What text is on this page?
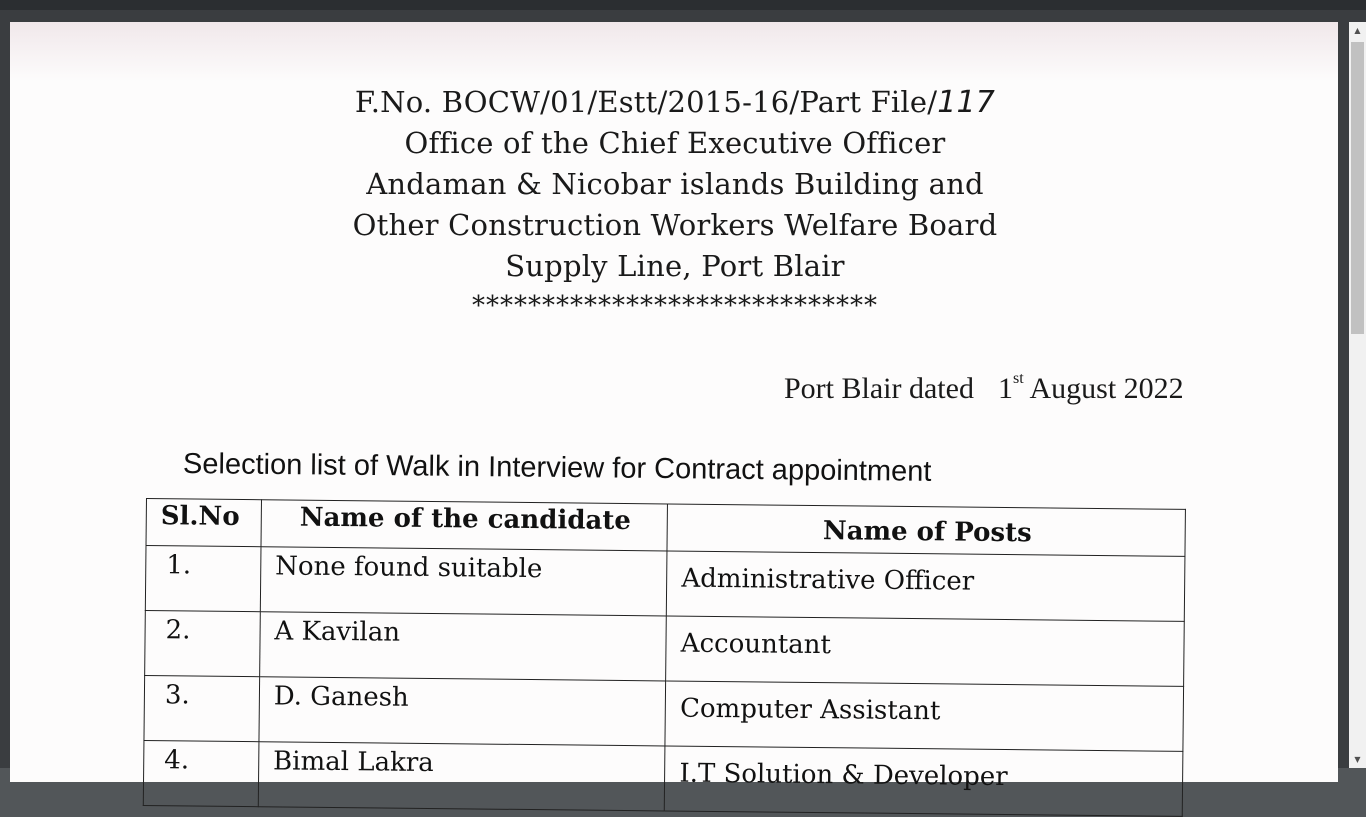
F.No. BOCW/01/Estt/2015-16/Part File/117
Office of the Chief Executive Officer
Andaman & Nicobar islands Building and
Other Construction Workers Welfare Board
Supply Line, Port Blair
*****************************
Port Blair dated 1st August 2022
Selection list of Walk in Interview for Contract appointment
Sl.No	Name of the candidate	Name of Posts
1.	None found suitable	Administrative Officer
2.	A Kavilan	Accountant
3.	D. Ganesh	Computer Assistant
4.	Bimal Lakra	I.T Solution & Developer
▲
▼
